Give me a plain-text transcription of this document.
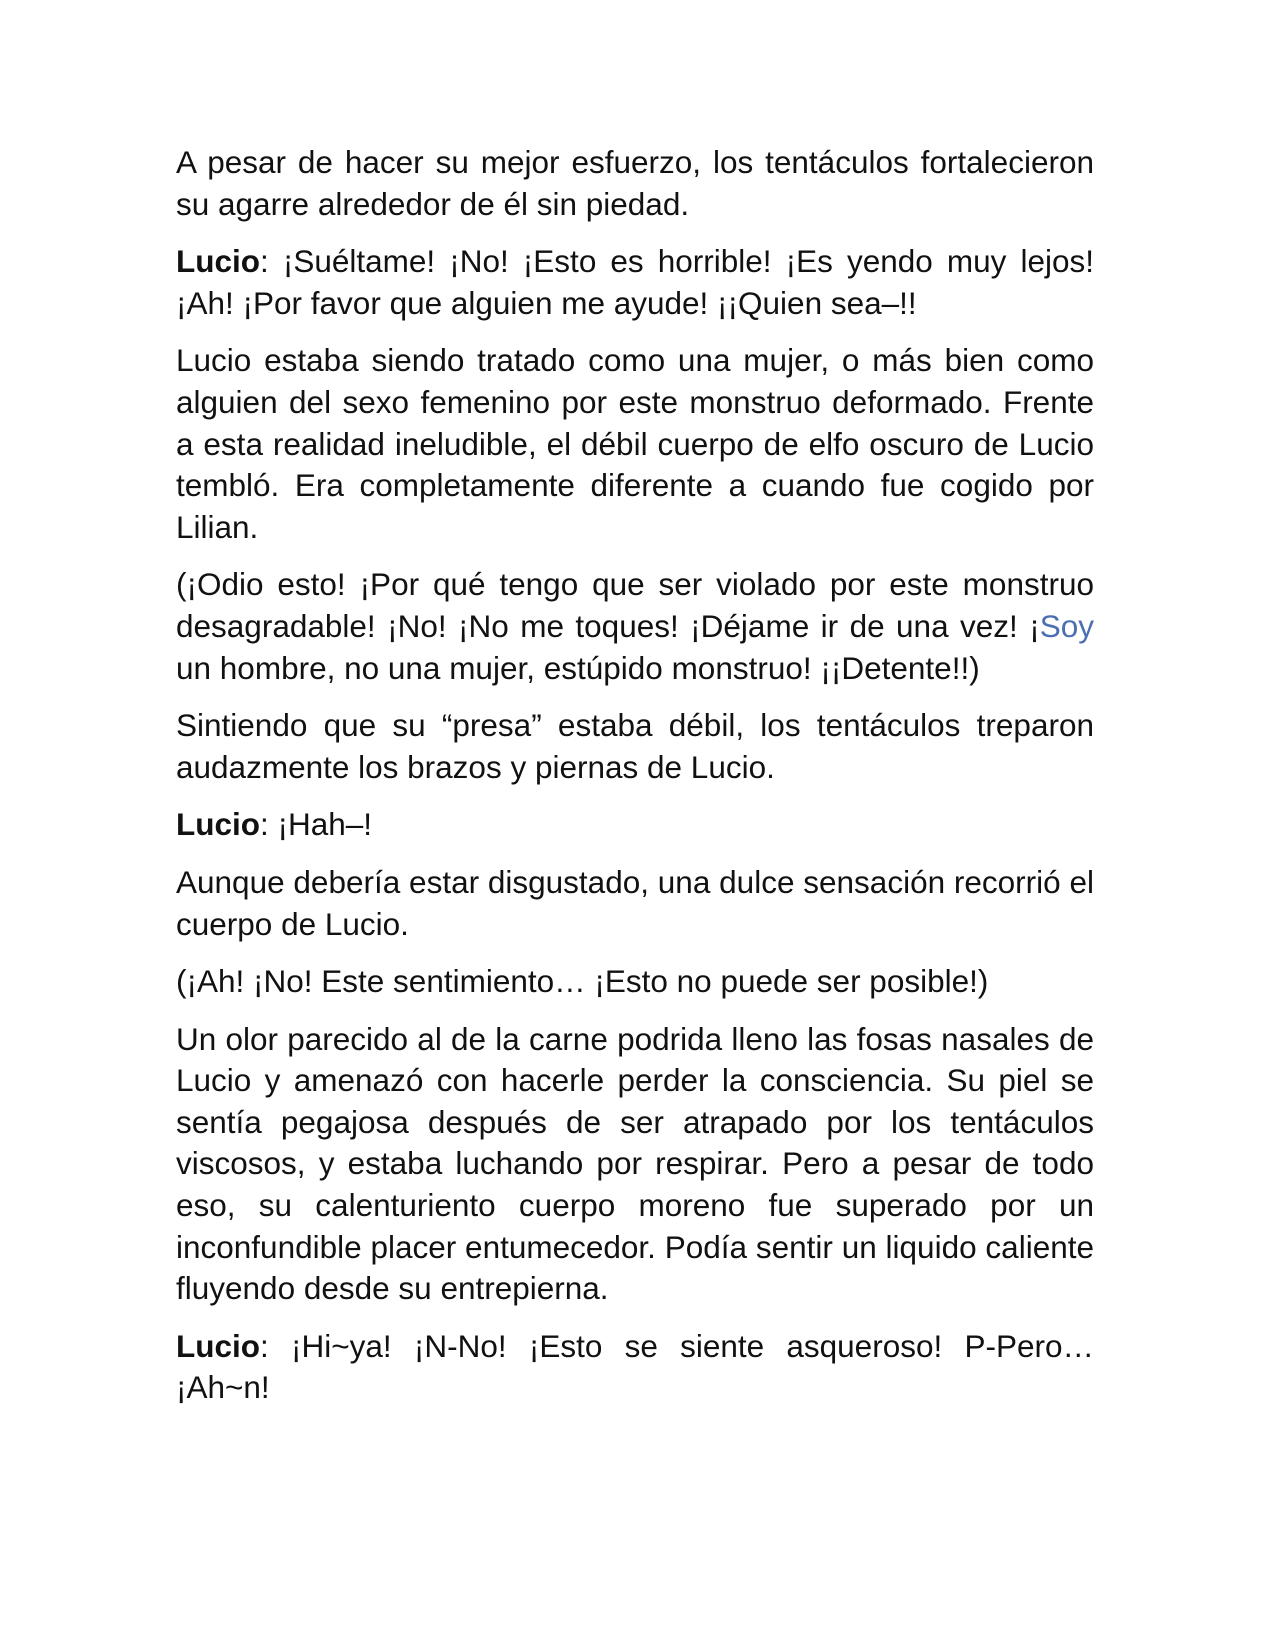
A pesar de hacer su mejor esfuerzo, los tentáculos fortalecieron su agarre alrededor de él sin piedad.

Lucio: ¡Suéltame! ¡No! ¡Esto es horrible! ¡Es yendo muy lejos! ¡Ah! ¡Por favor que alguien me ayude! ¡¡Quien sea–!!

Lucio estaba siendo tratado como una mujer, o más bien como alguien del sexo femenino por este monstruo deformado. Frente a esta realidad ineludible, el débil cuerpo de elfo oscuro de Lucio tembló. Era completamente diferente a cuando fue cogido por Lilian.

(¡Odio esto! ¡Por qué tengo que ser violado por este monstruo desagradable! ¡No! ¡No me toques! ¡Déjame ir de una vez! ¡Soy un hombre, no una mujer, estúpido monstruo! ¡¡Detente!!)

Sintiendo que su “presa” estaba débil, los tentáculos treparon audazmente los brazos y piernas de Lucio.

Lucio: ¡Hah–!

Aunque debería estar disgustado, una dulce sensación recorrió el cuerpo de Lucio.

(¡Ah! ¡No! Este sentimiento… ¡Esto no puede ser posible!)

Un olor parecido al de la carne podrida lleno las fosas nasales de Lucio y amenazó con hacerle perder la consciencia. Su piel se sentía pegajosa después de ser atrapado por los tentáculos viscosos, y estaba luchando por respirar. Pero a pesar de todo eso, su calenturiento cuerpo moreno fue superado por un inconfundible placer entumecedor. Podía sentir un liquido caliente fluyendo desde su entrepierna.

Lucio: ¡Hi~ya! ¡N-No! ¡Esto se siente asqueroso! P-Pero… ¡Ah~n!
